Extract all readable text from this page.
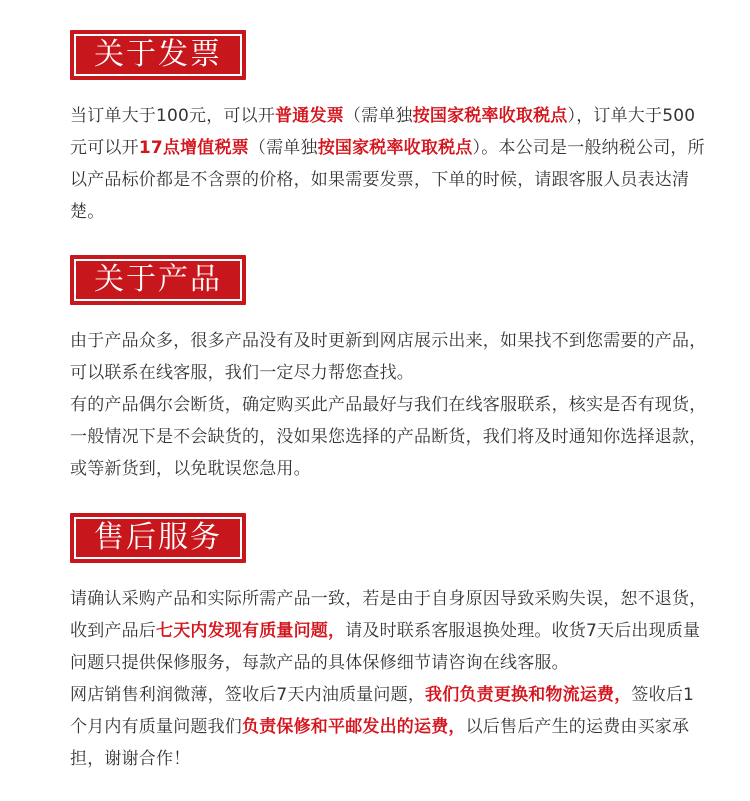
关于发票

当订单大于100元，可以开普通发票（需单独按国家税率收取税点），订单大于500元可以开17点增值税票（需单独按国家税率收取税点）。本公司是一般纳税公司，所以产品标价都是不含票的价格，如果需要发票，下单的时候，请跟客服人员表达清楚。

关于产品

由于产品众多，很多产品没有及时更新到网店展示出来，如果找不到您需要的产品，可以联系在线客服，我们一定尽力帮您查找。

有的产品偶尔会断货，确定购买此产品最好与我们在线客服联系，核实是否有现货，一般情况下是不会缺货的，没如果您选择的产品断货，我们将及时通知你选择退款，或等新货到，以免耽误您急用。

售后服务

请确认采购产品和实际所需产品一致，若是由于自身原因导致采购失误，恕不退货，收到产品后七天内发现有质量问题，请及时联系客服退换处理。收货7天后出现质量问题只提供保修服务，每款产品的具体保修细节请咨询在线客服。

网店销售利润微薄，签收后7天内油质量问题，我们负责更换和物流运费，签收后1个月内有质量问题我们负责保修和平邮发出的运费，以后售后产生的运费由买家承担，谢谢合作！
